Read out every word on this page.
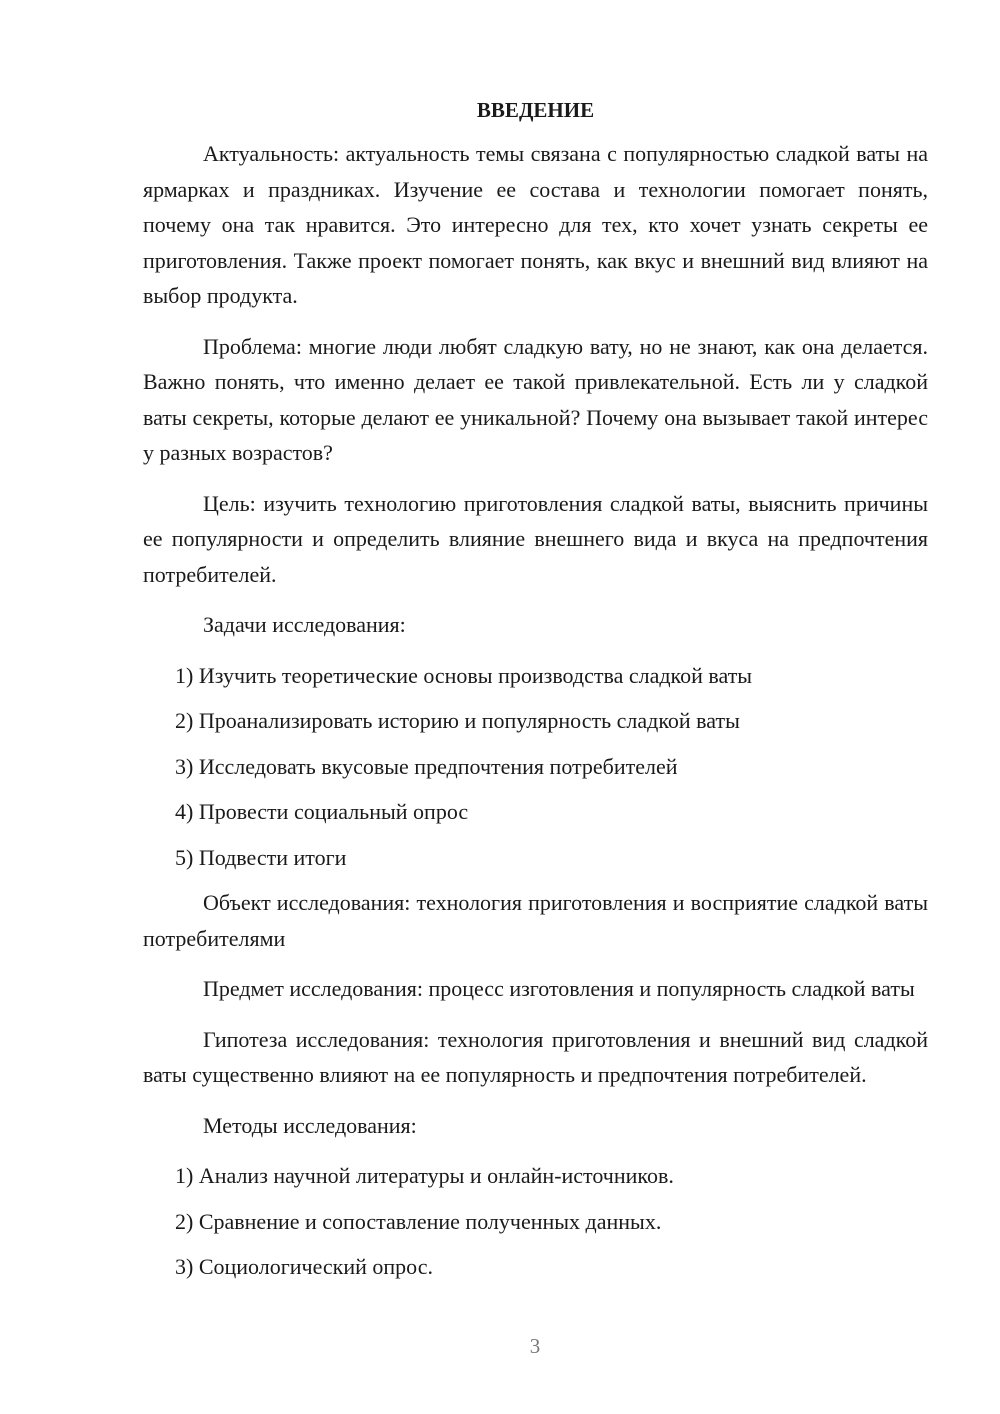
ВВЕДЕНИЕ

Актуальность: актуальность темы связана с популярностью сладкой ваты на ярмарках и праздниках. Изучение ее состава и технологии помогает понять, почему она так нравится. Это интересно для тех, кто хочет узнать секреты ее приготовления. Также проект помогает понять, как вкус и внешний вид влияют на выбор продукта.

Проблема: многие люди любят сладкую вату, но не знают, как она делается. Важно понять, что именно делает ее такой привлекательной. Есть ли у сладкой ваты секреты, которые делают ее уникальной? Почему она вызывает такой интерес у разных возрастов?

Цель: изучить технологию приготовления сладкой ваты, выяснить причины ее популярности и определить влияние внешнего вида и вкуса на предпочтения потребителей.

Задачи исследования:

1) Изучить теоретические основы производства сладкой ваты

2) Проанализировать историю и популярность сладкой ваты

3) Исследовать вкусовые предпочтения потребителей

4) Провести социальный опрос

5) Подвести итоги

Объект исследования: технология приготовления и восприятие сладкой ваты потребителями

Предмет исследования: процесс изготовления и популярность сладкой ваты

Гипотеза исследования: технология приготовления и внешний вид сладкой ваты существенно влияют на ее популярность и предпочтения потребителей.

Методы исследования:

1) Анализ научной литературы и онлайн-источников.

2) Сравнение и сопоставление полученных данных.

3) Социологический опрос.

3
